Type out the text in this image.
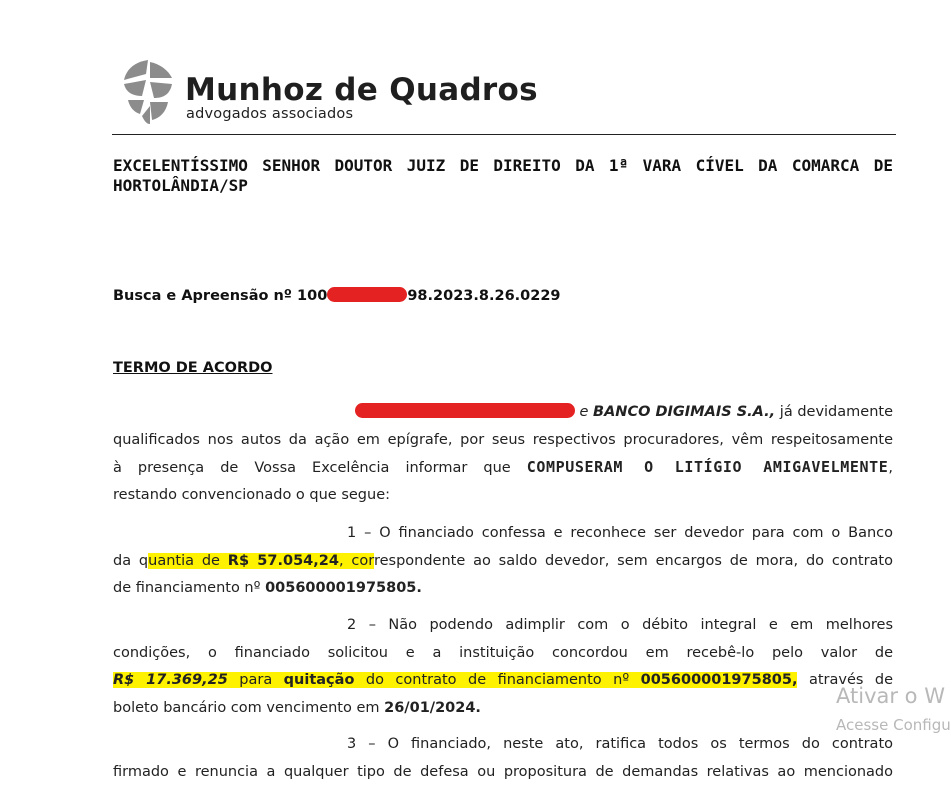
Munhoz de Quadros
advogados associados
EXCELENTÍSSIMO SENHOR DOUTOR JUIZ DE DIREITO DA 1ª VARA CÍVEL DA COMARCA DE HORTOLÂNDIA/SP
Busca e Apreensão nº 100	98.2023.8.26.0229
TERMO DE ACORDO
e BANCO DIGIMAIS S.A., já devidamente
qualificados nos autos da ação em epígrafe, por seus respectivos procuradores, vêm respeitosamente
à presença de Vossa Excelência informar que COMPUSERAM O LITÍGIO AMIGAVELMENTE,
restando convencionado o que segue:
1 – O financiado confessa e reconhece ser devedor para com o Banco
da quantia de R$ 57.054,24, correspondente ao saldo devedor, sem encargos de mora, do contrato
de financiamento nº 005600001975805.
2 – Não podendo adimplir com o débito integral e em melhores
condições, o financiado solicitou e a instituição concordou em recebê-lo pelo valor de
R$ 17.369,25 para quitação do contrato de financiamento nº 005600001975805, através de
boleto bancário com vencimento em 26/01/2024.
3 – O financiado, neste ato, ratifica todos os termos do contrato
firmado e renuncia a qualquer tipo de defesa ou propositura de demandas relativas ao mencionado
Ativar o W
Acesse Configu
